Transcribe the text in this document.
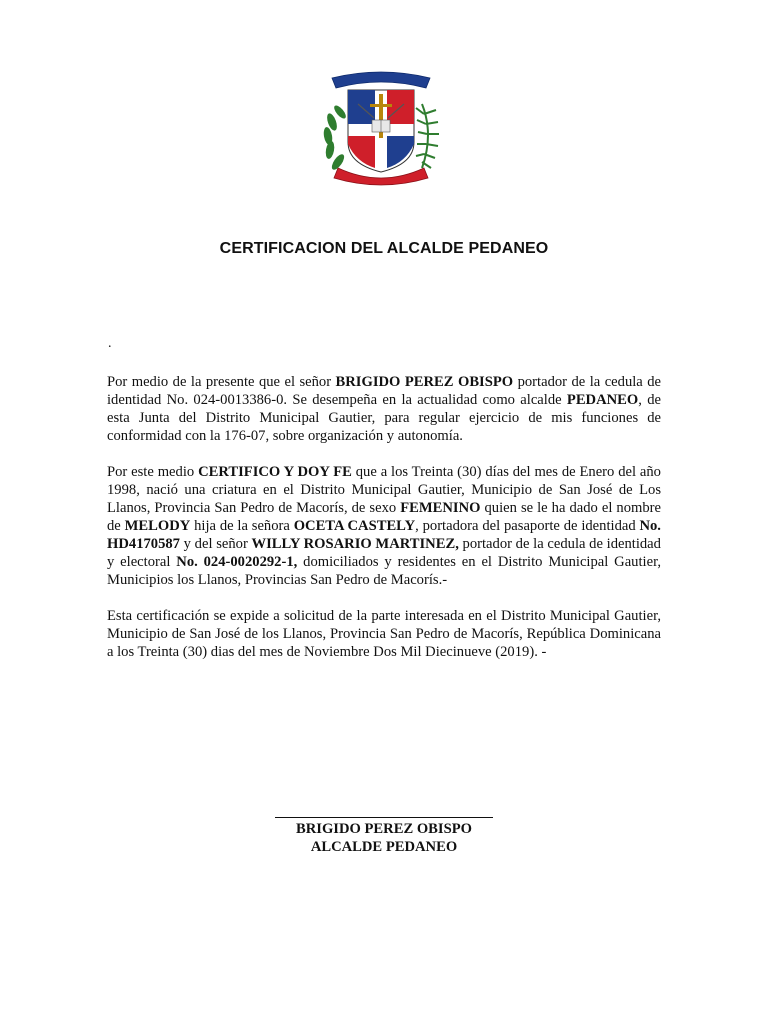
CERTIFICACION DEL ALCALDE PEDANEO
.

Por medio de la presente que el señor BRIGIDO PEREZ OBISPO portador de la cedula de identidad No. 024-0013386-0. Se desempeña en la actualidad como alcalde PEDANEO, de esta Junta del Distrito Municipal Gautier, para regular ejercicio de mis funciones de conformidad con la 176-07, sobre organización y autonomía.

Por este medio CERTIFICO Y DOY FE que a los Treinta (30) días del mes de Enero del año 1998, nació una criatura en el Distrito Municipal Gautier, Municipio de San José de Los Llanos, Provincia San Pedro de Macorís, de sexo FEMENINO quien se le ha dado el nombre de MELODY hija de la señora OCETA CASTELY, portadora del pasaporte de identidad No. HD4170587 y del señor WILLY ROSARIO MARTINEZ, portador de la cedula de identidad y electoral No. 024-0020292-1, domiciliados y residentes en el Distrito Municipal Gautier, Municipios los Llanos, Provincias San Pedro de Macorís.-

Esta certificación se expide a solicitud de la parte interesada en el Distrito Municipal Gautier, Municipio de San José de los Llanos, Provincia San Pedro de Macorís, República Dominicana a los Treinta (30) dias del mes de Noviembre Dos Mil Diecinueve (2019). -

BRIGIDO PEREZ OBISPO
ALCALDE PEDANEO
